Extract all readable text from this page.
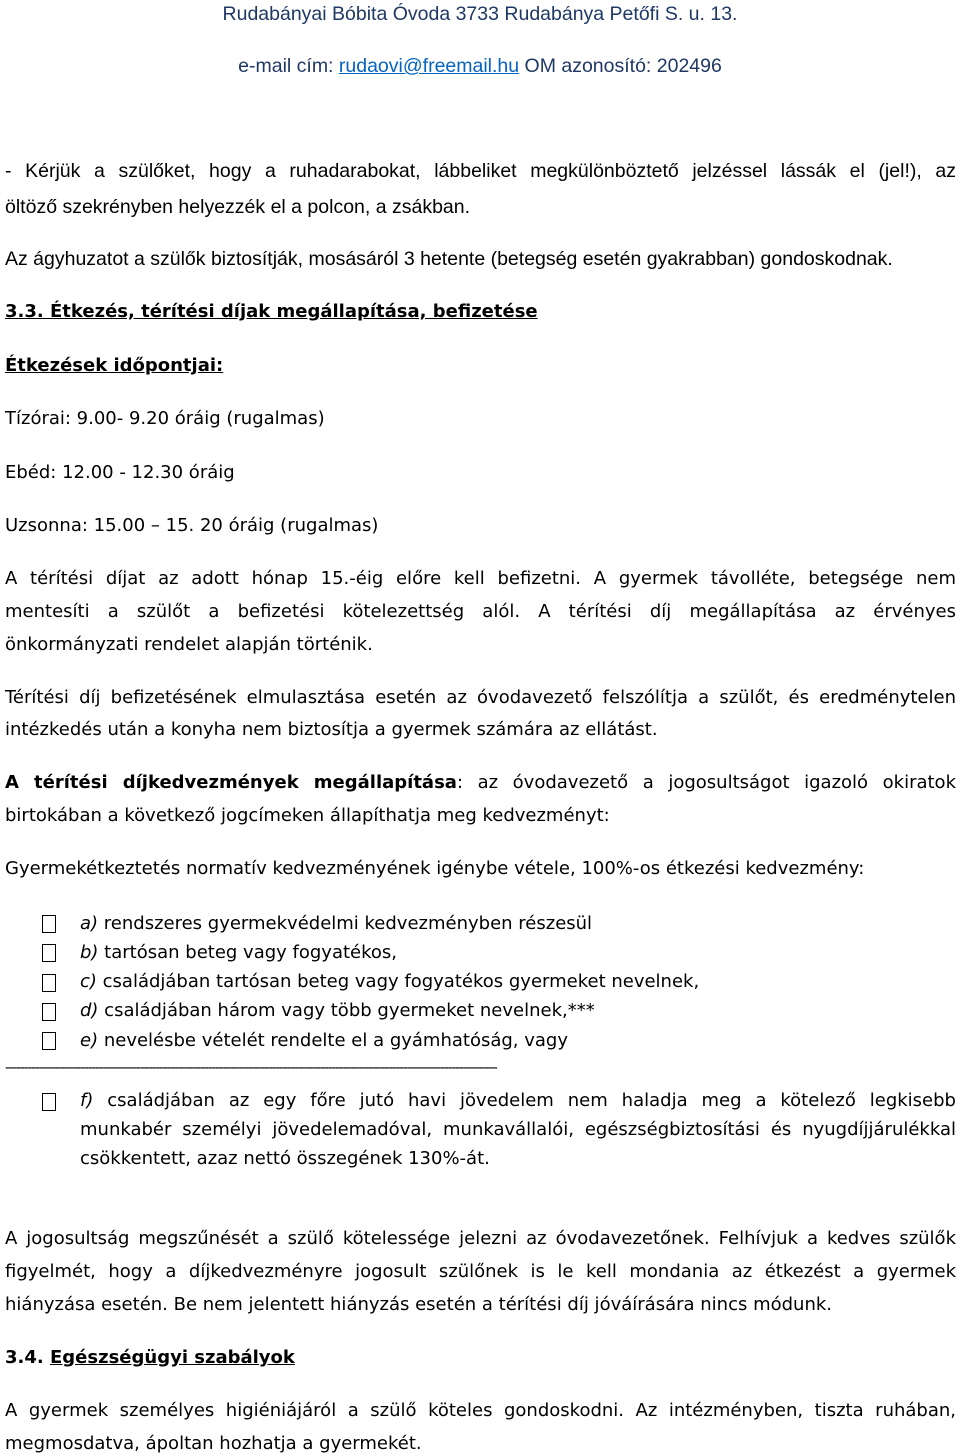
Rudabányai Bóbita Óvoda 3733 Rudabánya Petőfi S. u. 13.
e-mail cím: rudaovi@freemail.hu OM azonosító: 202496
- Kérjük a szülőket, hogy a ruhadarabokat, lábbeliket megkülönböztető jelzéssel lássák el (jel!), az
öltöző szekrényben helyezzék el a polcon, a zsákban.
Az ágyhuzatot a szülők biztosítják, mosásáról 3 hetente (betegség esetén gyakrabban) gondoskodnak.
3.3. Étkezés, térítési díjak megállapítása, befizetése
Étkezések időpontjai:
Tízórai: 9.00- 9.20 óráig (rugalmas)
Ebéd: 12.00 - 12.30 óráig
Uzsonna: 15.00 – 15. 20 óráig (rugalmas)
A térítési díjat az adott hónap 15.-éig előre kell befizetni. A gyermek távolléte, betegsége nem
mentesíti a szülőt a befizetési kötelezettség alól. A térítési díj megállapítása az érvényes
önkormányzati rendelet alapján történik.
Térítési díj befizetésének elmulasztása esetén az óvodavezető felszólítja a szülőt, és eredménytelen
intézkedés után a konyha nem biztosítja a gyermek számára az ellátást.
A térítési díjkedvezmények megállapítása: az óvodavezető a jogosultságot igazoló okiratok
birtokában a következő jogcímeken állapíthatja meg kedvezményt:
Gyermekétkeztetés normatív kedvezményének igénybe vétele, 100%-os étkezési kedvezmény:
a) rendszeres gyermekvédelmi kedvezményben részesül
b) tartósan beteg vagy fogyatékos,
c) családjában tartósan beteg vagy fogyatékos gyermeket nevelnek,
d) családjában három vagy több gyermeket nevelnek,***
e) nevelésbe vételét rendelte el a gyámhatóság, vagy
-----------------------------------------------------------------------------------------------------------------------------------
f) családjában az egy főre jutó havi jövedelem nem haladja meg a kötelező legkisebb
munkabér személyi jövedelemadóval, munkavállalói, egészségbiztosítási és nyugdíjjárulékkal
csökkentett, azaz nettó összegének 130%-át.
A jogosultság megszűnését a szülő kötelessége jelezni az óvodavezetőnek. Felhívjuk a kedves szülők
figyelmét, hogy a díjkedvezményre jogosult szülőnek is le kell mondania az étkezést a gyermek
hiányzása esetén. Be nem jelentett hiányzás esetén a térítési díj jóváírására nincs módunk.
3.4. Egészségügyi szabályok
A gyermek személyes higiéniájáról a szülő köteles gondoskodni. Az intézményben, tiszta ruhában,
megmosdatva, ápoltan hozhatja a gyermekét.
